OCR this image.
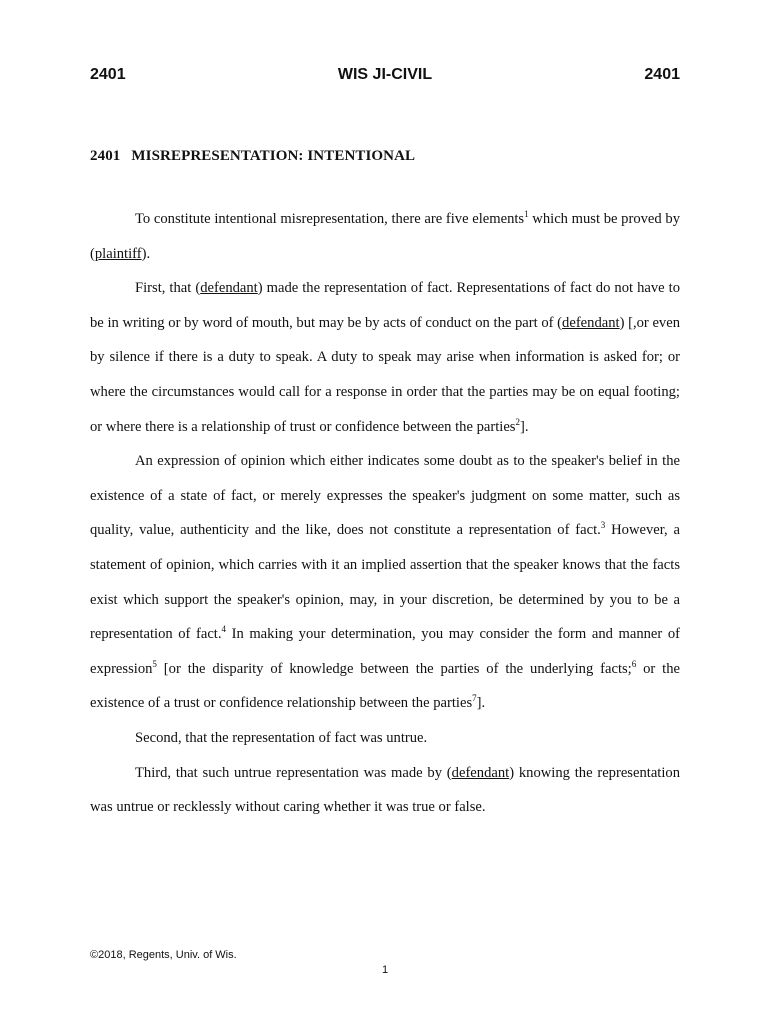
WIS JI-CIVIL
2401	2401
2401 MISREPRESENTATION: INTENTIONAL

To constitute intentional misrepresentation, there are five elements$^1$ which must be proved by (plaintiff).

First, that (defendant) made the representation of fact. Representations of fact do not have to be in writing or by word of mouth, but may be by acts of conduct on the part of (defendant) [,or even by silence if there is a duty to speak. A duty to speak may arise when information is asked for; or where the circumstances would call for a response in order that the parties may be on equal footing; or where there is a relationship of trust or confidence between the parties$^2$].

An expression of opinion which either indicates some doubt as to the speaker's belief in the existence of a state of fact, or merely expresses the speaker's judgment on some matter, such as quality, value, authenticity and the like, does not constitute a representation of fact.$^3$ However, a statement of opinion, which carries with it an implied assertion that the speaker knows that the facts exist which support the speaker's opinion, may, in your discretion, be determined by you to be a representation of fact.$^4$ In making your determination, you may consider the form and manner of expression$^5$ [or the disparity of knowledge between the parties of the underlying facts;$^6$ or the existence of a trust or confidence relationship between the parties$^7$].

Second, that the representation of fact was untrue.

Third, that such untrue representation was made by (defendant) knowing the representation was untrue or recklessly without caring whether it was true or false.

©2018, Regents, Univ. of Wis.
1
